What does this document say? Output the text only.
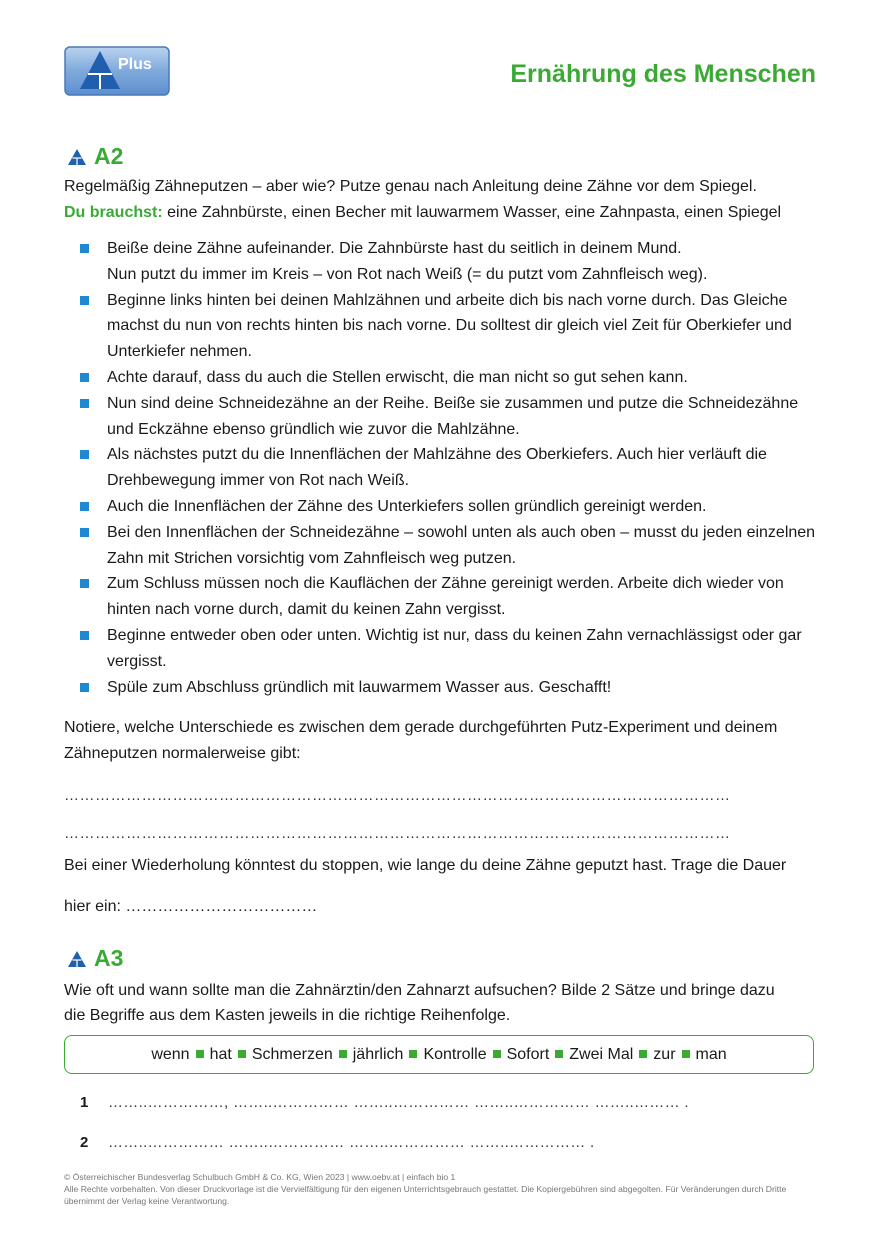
Plus	Ernährung des Menschen
A2
Regelmäßig Zähneputzen – aber wie? Putze genau nach Anleitung deine Zähne vor dem Spiegel.
Du brauchst: eine Zahnbürste, einen Becher mit lauwarmem Wasser, eine Zahnpasta, einen Spiegel
Beiße deine Zähne aufeinander. Die Zahnbürste hast du seitlich in deinem Mund.
Nun putzt du immer im Kreis – von Rot nach Weiß (= du putzt vom Zahnfleisch weg).
Beginne links hinten bei deinen Mahlzähnen und arbeite dich bis nach vorne durch. Das Gleiche machst du nun von rechts hinten bis nach vorne. Du solltest dir gleich viel Zeit für Oberkiefer und Unterkiefer nehmen.
Achte darauf, dass du auch die Stellen erwischt, die man nicht so gut sehen kann.
Nun sind deine Schneidezähne an der Reihe. Beiße sie zusammen und putze die Schneidezähne und Eckzähne ebenso gründlich wie zuvor die Mahlzähne.
Als nächstes putzt du die Innenflächen der Mahlzähne des Oberkiefers. Auch hier verläuft die Drehbewegung immer von Rot nach Weiß.
Auch die Innenflächen der Zähne des Unterkiefers sollen gründlich gereinigt werden.
Bei den Innenflächen der Schneidezähne – sowohl unten als auch oben – musst du jeden einzelnen Zahn mit Strichen vorsichtig vom Zahnfleisch weg putzen.
Zum Schluss müssen noch die Kauflächen der Zähne gereinigt werden. Arbeite dich wieder von hinten nach vorne durch, damit du keinen Zahn vergisst.
Beginne entweder oben oder unten. Wichtig ist nur, dass du keinen Zahn vernachlässigst oder gar vergisst.
Spüle zum Abschluss gründlich mit lauwarmem Wasser aus. Geschafft!
Notiere, welche Unterschiede es zwischen dem gerade durchgeführten Putz-Experiment und deinem
Zähneputzen normalerweise gibt:
…………………………………………………………………………………………………………………
…………………………………………………………………………………………………………………
Bei einer Wiederholung könntest du stoppen, wie lange du deine Zähne geputzt hast. Trage die Dauer
hier ein: ………………………………
A3
Wie oft und wann sollte man die Zahnärztin/den Zahnarzt aufsuchen? Bilde 2 Sätze und bringe dazu
die Begriffe aus dem Kasten jeweils in die richtige Reihenfolge.
wenn hat Schmerzen jährlich Kontrolle Sofort Zwei Mal zur man
1	……..……………, ……..…………… ……..…………… ……..…………… ……..……… .
2	……..…………… ……..…………… ……..…………… ……..…………… .
© Österreichischer Bundesverlag Schulbuch GmbH & Co. KG, Wien 2023 | www.oebv.at | einfach bio 1
Alle Rechte vorbehalten. Von dieser Druckvorlage ist die Vervielfältigung für den eigenen Unterrichtsgebrauch gestattet. Die Kopiergebühren sind abgegolten. Für Veränderungen durch Dritte übernimmt der Verlag keine Verantwortung.
